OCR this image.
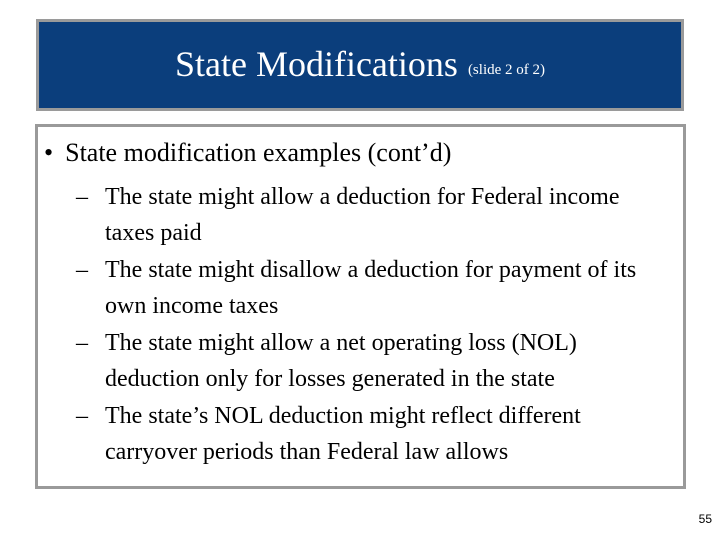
State Modifications (slide 2 of 2)
• State modification examples (cont’d)
– The state might allow a deduction for Federal income taxes paid
– The state might disallow a deduction for payment of its own income taxes
– The state might allow a net operating loss (NOL) deduction only for losses generated in the state
– The state’s NOL deduction might reflect different carryover periods than Federal law allows
55
